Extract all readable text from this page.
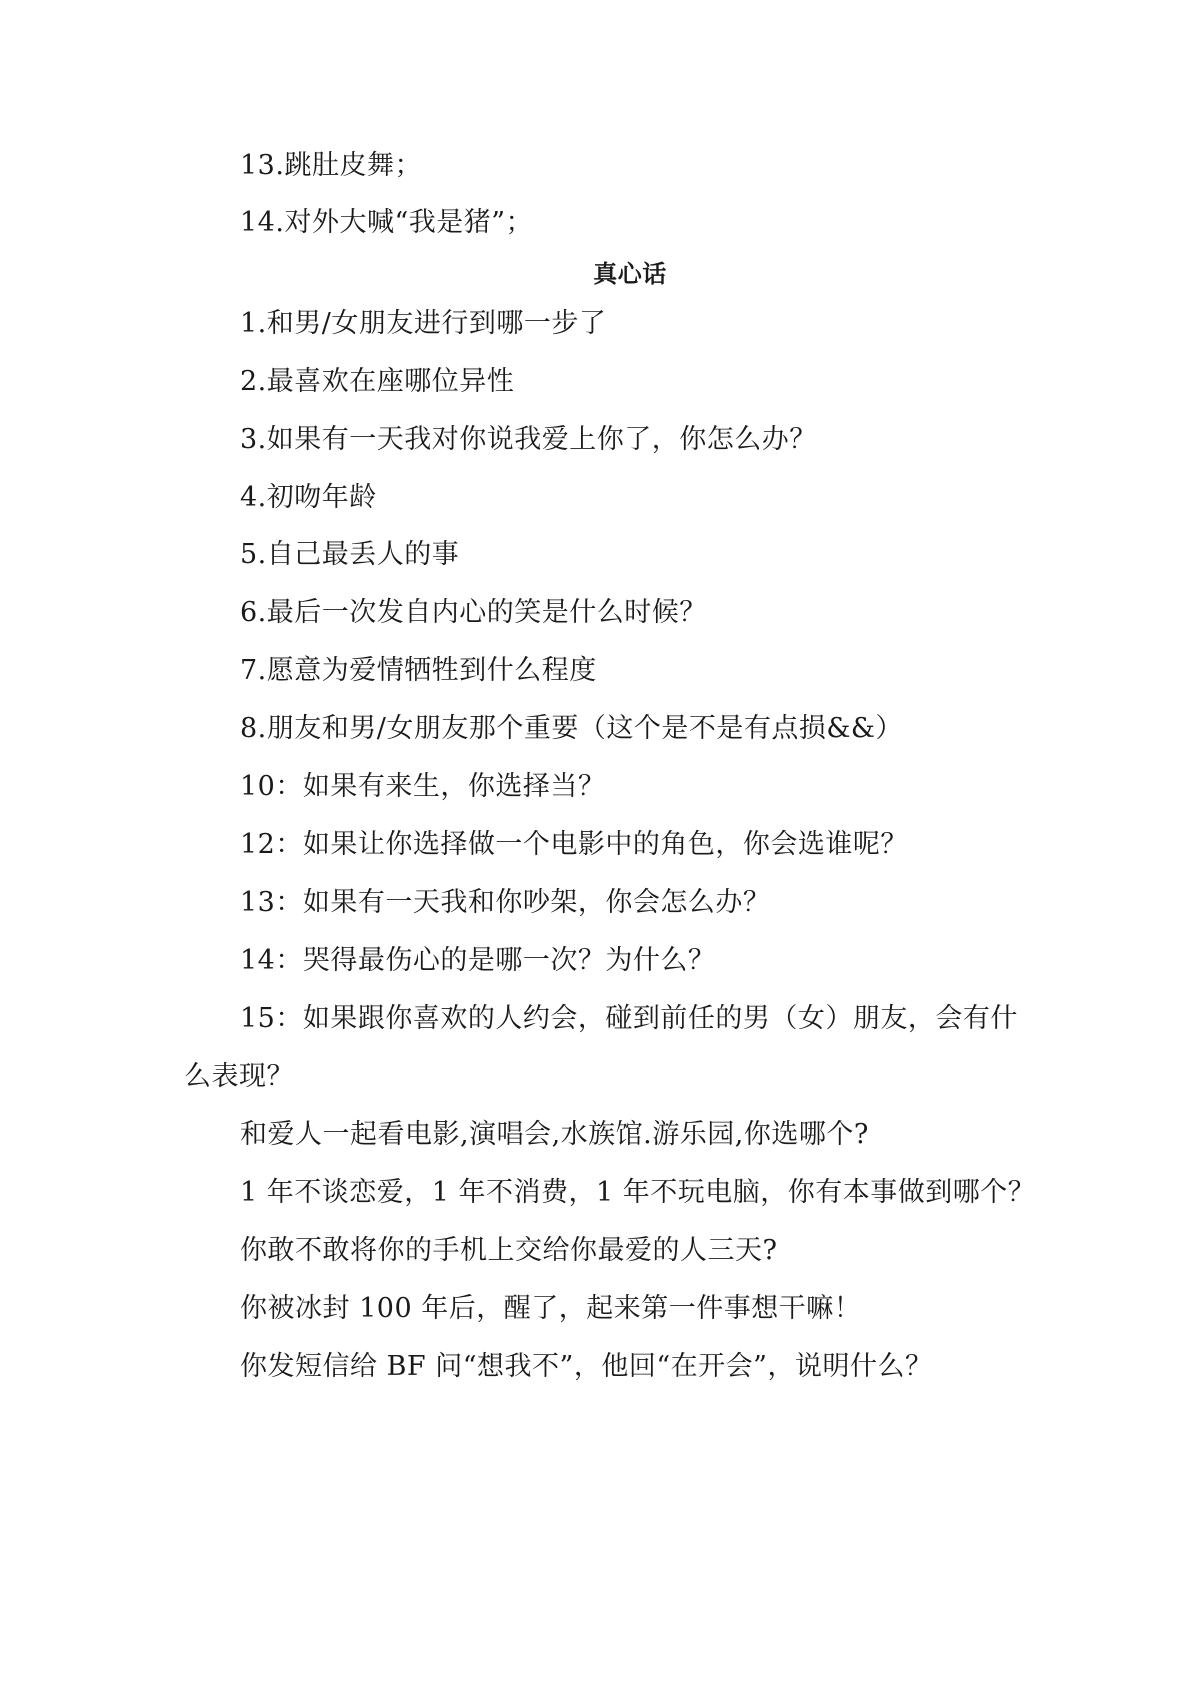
13.跳肚皮舞；
14.对外大喊“我是猪”；
真心话
1.和男/女朋友进行到哪一步了
2.最喜欢在座哪位异性
3.如果有一天我对你说我爱上你了，你怎么办？
4.初吻年龄
5.自己最丢人的事
6.最后一次发自内心的笑是什么时候？
7.愿意为爱情牺牲到什么程度
8.朋友和男/女朋友那个重要（这个是不是有点损&&）
10：如果有来生，你选择当？
12：如果让你选择做一个电影中的角色，你会选谁呢？
13：如果有一天我和你吵架，你会怎么办？
14：哭得最伤心的是哪一次？为什么？
15：如果跟你喜欢的人约会，碰到前任的男（女）朋友，会有什
么表现？
和爱人一起看电影,演唱会,水族馆.游乐园,你选哪个?
1 年不谈恋爱，1 年不消费，1 年不玩电脑，你有本事做到哪个？
你敢不敢将你的手机上交给你最爱的人三天?
你被冰封 100 年后，醒了，起来第一件事想干嘛！
你发短信给 BF 问“想我不”，他回“在开会”，说明什么？
